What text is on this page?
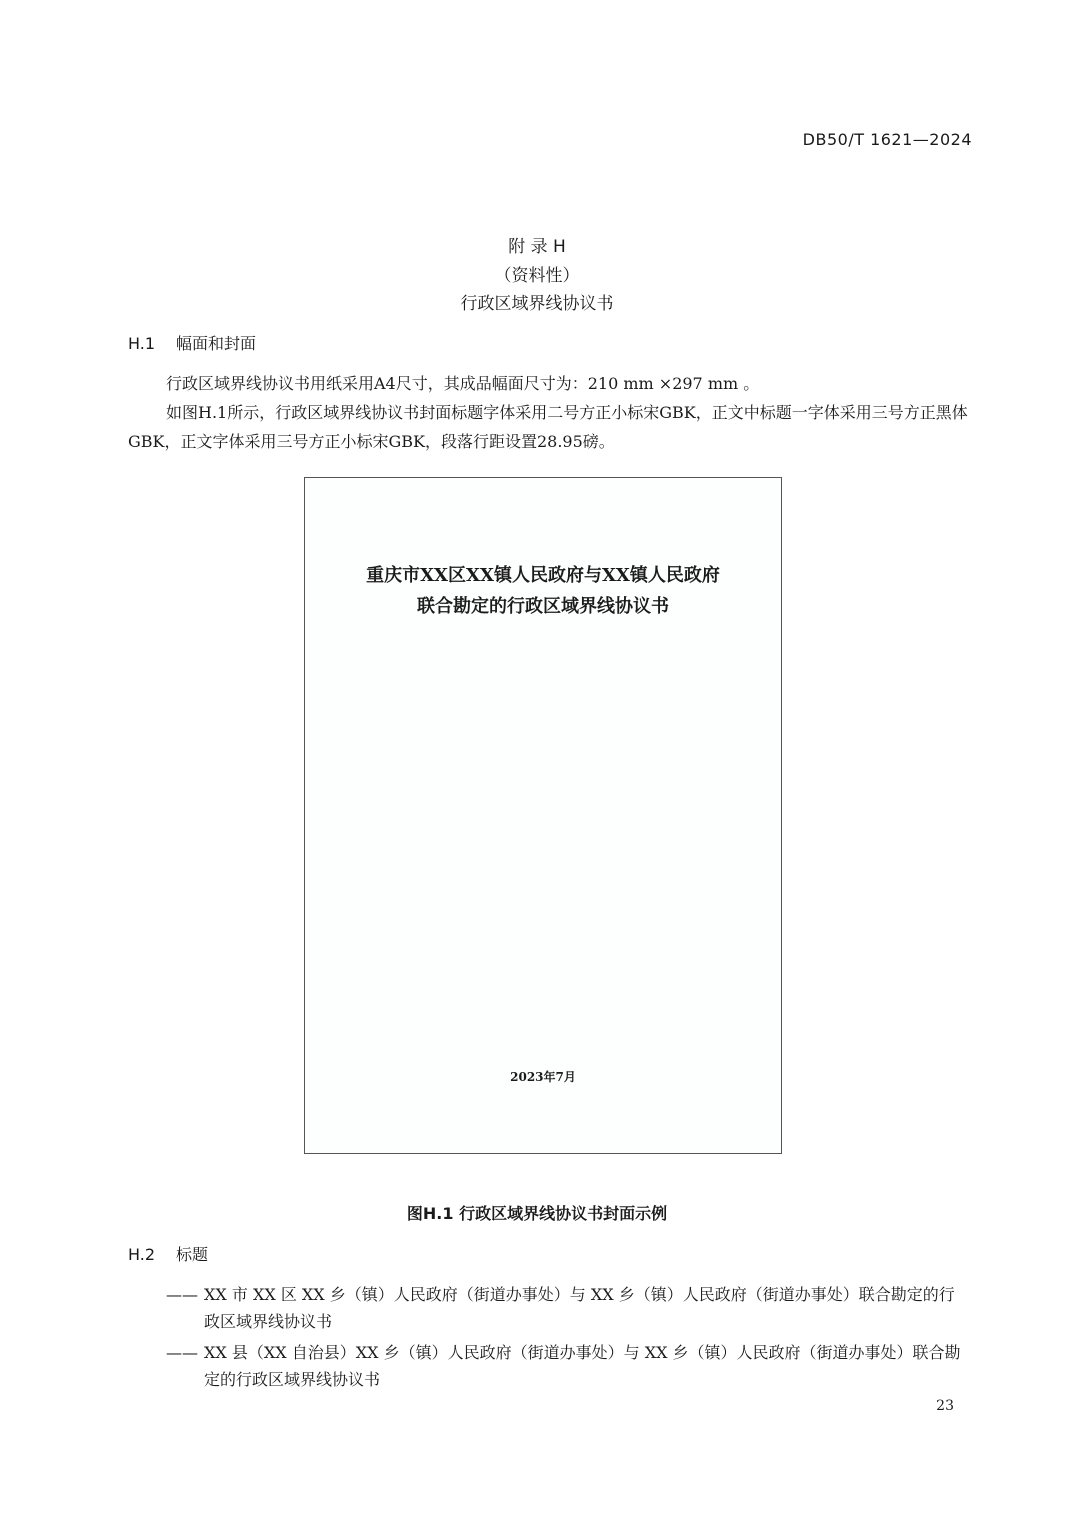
DB50/T 1621—2024
附 录 H
（资料性）
行政区域界线协议书
H.1 幅面和封面

行政区域界线协议书用纸采用A4尺寸，其成品幅面尺寸为：210 mm ×297 mm 。

如图H.1所示，行政区域界线协议书封面标题字体采用二号方正小标宋GBK，正文中标题一字体采用三号方正黑体GBK，正文字体采用三号方正小标宋GBK，段落行距设置28.95磅。

重庆市XX区XX镇人民政府与XX镇人民政府
联合勘定的行政区域界线协议书
2023年7月
图H.1 行政区域界线协议书封面示例
H.2 标题
—— XX 市 XX 区 XX 乡（镇）人民政府（街道办事处）与 XX 乡（镇）人民政府（街道办事处）联合勘定的行政区域界线协议书
—— XX 县（XX 自治县）XX 乡（镇）人民政府（街道办事处）与 XX 乡（镇）人民政府（街道办事处）联合勘定的行政区域界线协议书
23
